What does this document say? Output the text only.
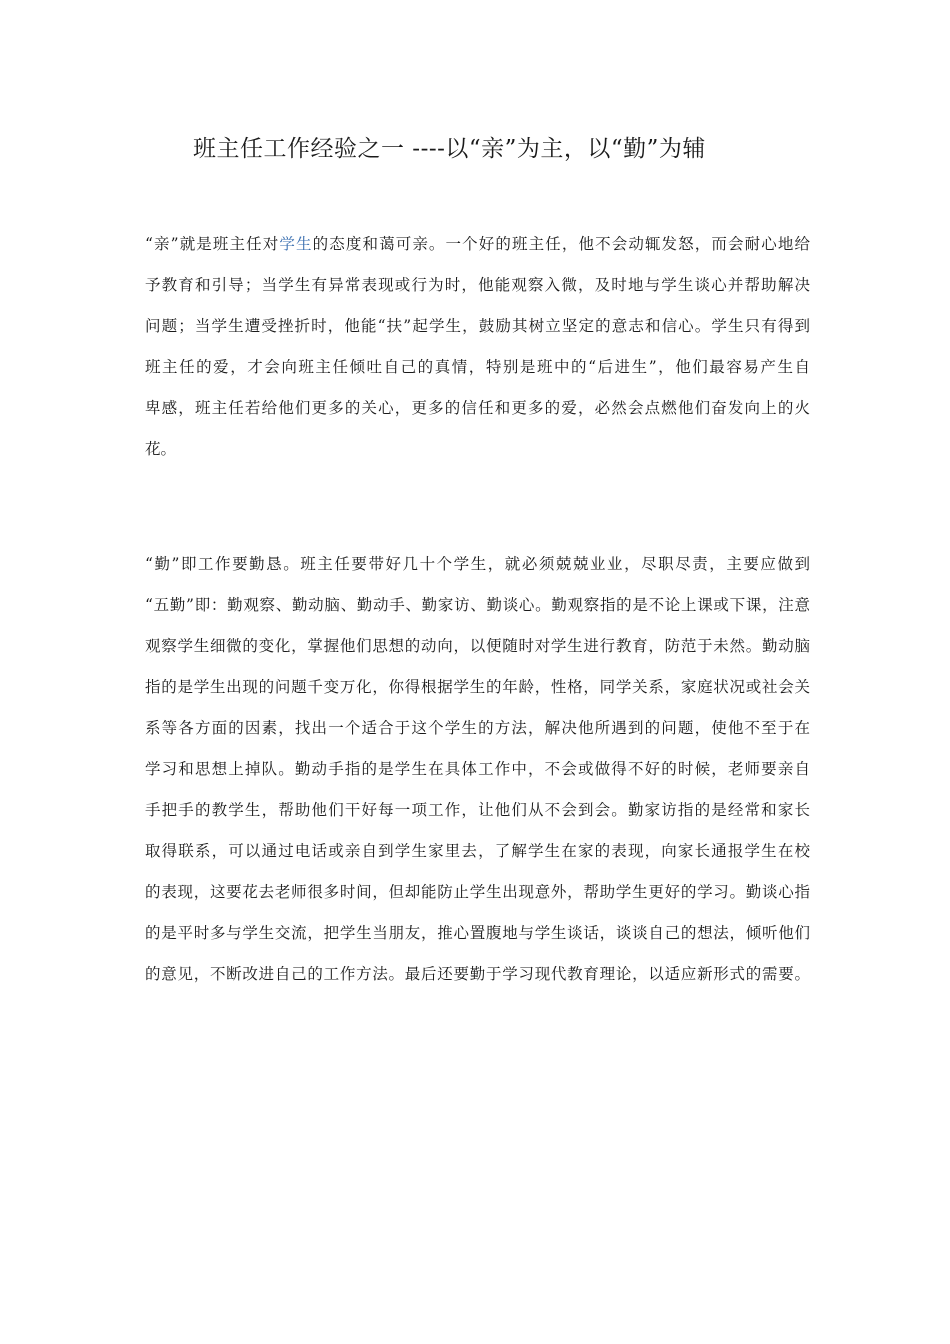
班主任工作经验之一 ----以“亲”为主，以“勤”为辅
“亲”就是班主任对学生的态度和蔼可亲。一个好的班主任，他不会动辄发怒，而会耐心地给
予教育和引导；当学生有异常表现或行为时，他能观察入微，及时地与学生谈心并帮助解决
问题；当学生遭受挫折时，他能“扶”起学生，鼓励其树立坚定的意志和信心。学生只有得到
班主任的爱，才会向班主任倾吐自己的真情，特别是班中的“后进生”，他们最容易产生自
卑感，班主任若给他们更多的关心，更多的信任和更多的爱，必然会点燃他们奋发向上的火
花。
“勤”即工作要勤恳。班主任要带好几十个学生，就必须兢兢业业，尽职尽责，主要应做到
“五勤”即：勤观察、勤动脑、勤动手、勤家访、勤谈心。勤观察指的是不论上课或下课，注意
观察学生细微的变化，掌握他们思想的动向，以便随时对学生进行教育，防范于未然。勤动脑
指的是学生出现的问题千变万化，你得根据学生的年龄，性格，同学关系，家庭状况或社会关
系等各方面的因素，找出一个适合于这个学生的方法，解决他所遇到的问题，使他不至于在
学习和思想上掉队。勤动手指的是学生在具体工作中，不会或做得不好的时候，老师要亲自
手把手的教学生，帮助他们干好每一项工作，让他们从不会到会。勤家访指的是经常和家长
取得联系，可以通过电话或亲自到学生家里去，了解学生在家的表现，向家长通报学生在校
的表现，这要花去老师很多时间，但却能防止学生出现意外，帮助学生更好的学习。勤谈心指
的是平时多与学生交流，把学生当朋友，推心置腹地与学生谈话，谈谈自己的想法，倾听他们
的意见，不断改进自己的工作方法。最后还要勤于学习现代教育理论，以适应新形式的需要。
